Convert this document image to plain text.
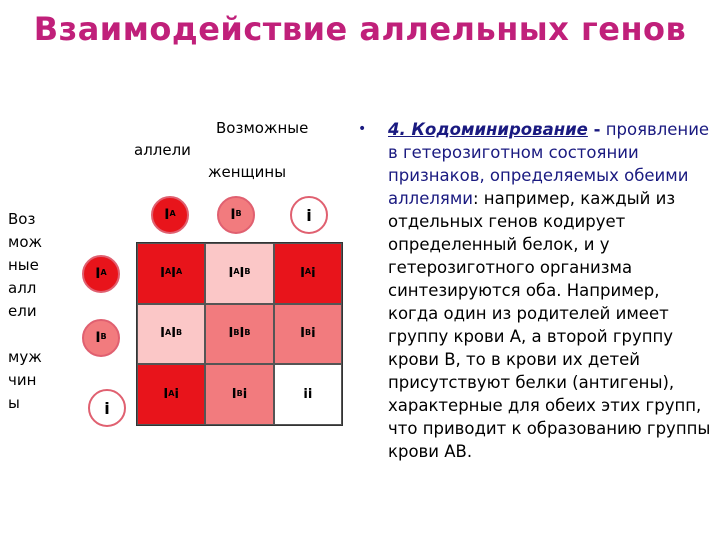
Взаимодействие аллельных генов
Возможные
аллели
женщины
Воз
мож
ные
алл
ели
муж
чин
ы
$I^A$	$I^B$	i
$I^A$
$I^B$
i
$I^A$ $I^A$	$I^A$ $I^B$	$I^A$ i
$I^A$ $I^B$	$I^B$ $I^B$	$I^B$ i
$I^A$ i	$I^B$ i	ii
•	4. Кодоминирование - проявление в гетерозиготном состоянии признаков, определяемых обеими аллелями: например, каждый из отдельных генов кодирует определенный белок, и у гетерозиготного организма синтезируются оба. Например, когда один из родителей имеет группу крови А, а второй группу крови В, то в крови их детей присутствуют белки (антигены), характерные для обеих этих групп, что приводит к образованию группы крови АВ.
